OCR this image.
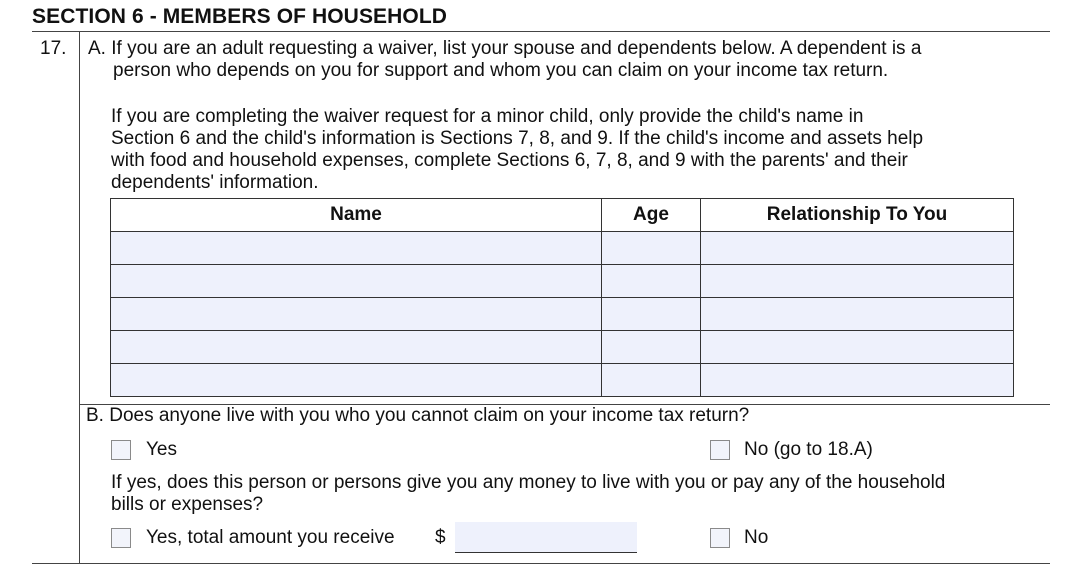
SECTION 6 - MEMBERS OF HOUSEHOLD
17. A. If you are an adult requesting a waiver, list your spouse and dependents below. A dependent is a
person who depends on you for support and whom you can claim on your income tax return.
If you are completing the waiver request for a minor child, only provide the child's name in
Section 6 and the child's information is Sections 7, 8, and 9. If the child's income and assets help
with food and household expenses, complete Sections 6, 7, 8, and 9 with the parents' and their
dependents' information.
Name	Age	Relationship To You

B. Does anyone live with you who you cannot claim on your income tax return?
Yes	No (go to 18.A)
If yes, does this person or persons give you any money to live with you or pay any of the household
bills or expenses?
Yes, total amount you receive $	No
